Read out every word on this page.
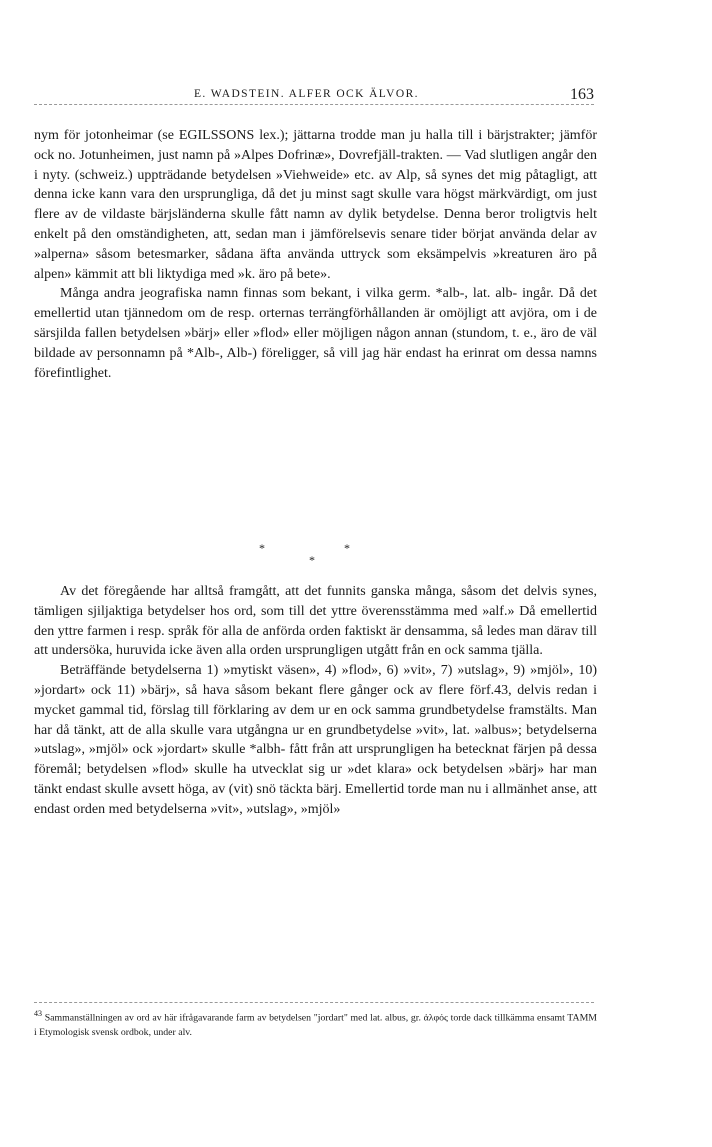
E. WADSTEIN. ALFER OCK ÄLVOR.	163

nym för jotonheimar (se EGILSSONS lex.); jättarna trodde man ju halla till i bärjstrakter; jämför ock no. Jotunheimen, just namn på »Alpes Dofrinæ», Dovrefjäll-trakten. — Vad slutligen angår den i nyty. (schweiz.) uppträdande betydelsen »Viehweide» etc. av Alp, så synes det mig påtagligt, att denna icke kann vara den ursprungliga, då det ju minst sagt skulle vara högst märkvärdigt, om just flere av de vildaste bärjsländerna skulle fått namn av dylik betydelse. Denna beror troligtvis helt enkelt på den omständigheten, att, sedan man i jämförelsevis senare tider börjat använda delar av »alperna» såsom betesmarker, sådana äfta använda uttryck som eksämpelvis »kreaturen äro på alpen» kämmit att bli liktydiga med »k. äro på bete».

Många andra jeografiska namn finnas som bekant, i vilka germ. *alb-, lat. alb- ingår. Då det emellertid utan tjännedom om de resp. orternas terrängförhållanden är omöjligt att avjöra, om i de särsjilda fallen betydelsen »bärj» eller »flod» eller möjligen någon annan (stundom, t. e., äro de väl bildade av personnamn på *Alb-, Alb-) föreligger, så vill jag här endast ha erinrat om dessa namns förefintlighet.

*	*
*

Av det föregående har alltså framgått, att det funnits ganska många, såsom det delvis synes, tämligen sjiljaktiga betydelser hos ord, som till det yttre överensstämma med »alf.» Då emellertid den yttre farmen i resp. språk för alla de anförda orden faktiskt är densamma, så ledes man därav till att undersöka, huruvida icke även alla orden ursprungligen utgått från en ock samma tjälla.

Beträffände betydelserna 1) »mytiskt väsen», 4) »flod», 6) »vit», 7) »utslag», 9) »mjöl», 10) »jordart» ock 11) »bärj», så hava såsom bekant flere gånger ock av flere förf.43, delvis redan i mycket gammal tid, förslag till förklaring av dem ur en ock samma grundbetydelse framstälts. Man har då tänkt, att de alla skulle vara utgångna ur en grundbetydelse »vit», lat. »albus»; betydelserna »utslag», »mjöl» ock »jordart» skulle *albh- fått från att ursprungligen ha betecknat färjen på dessa föremål; betydelsen »flod» skulle ha utvecklat sig ur »det klara» ock betydelsen »bärj» har man tänkt endast skulle avsett höga, av (vit) snö täckta bärj. Emellertid torde man nu i allmänhet anse, att endast orden med betydelserna »vit», »utslag», »mjöl»

$^{43}$ Sammanställningen av ord av här ifrågavarande farm av betydelsen "jordart" med lat. albus, gr. ἀλφός torde dack tillkämma ensamt TAMM i Etymologisk svensk ordbok, under alv.
